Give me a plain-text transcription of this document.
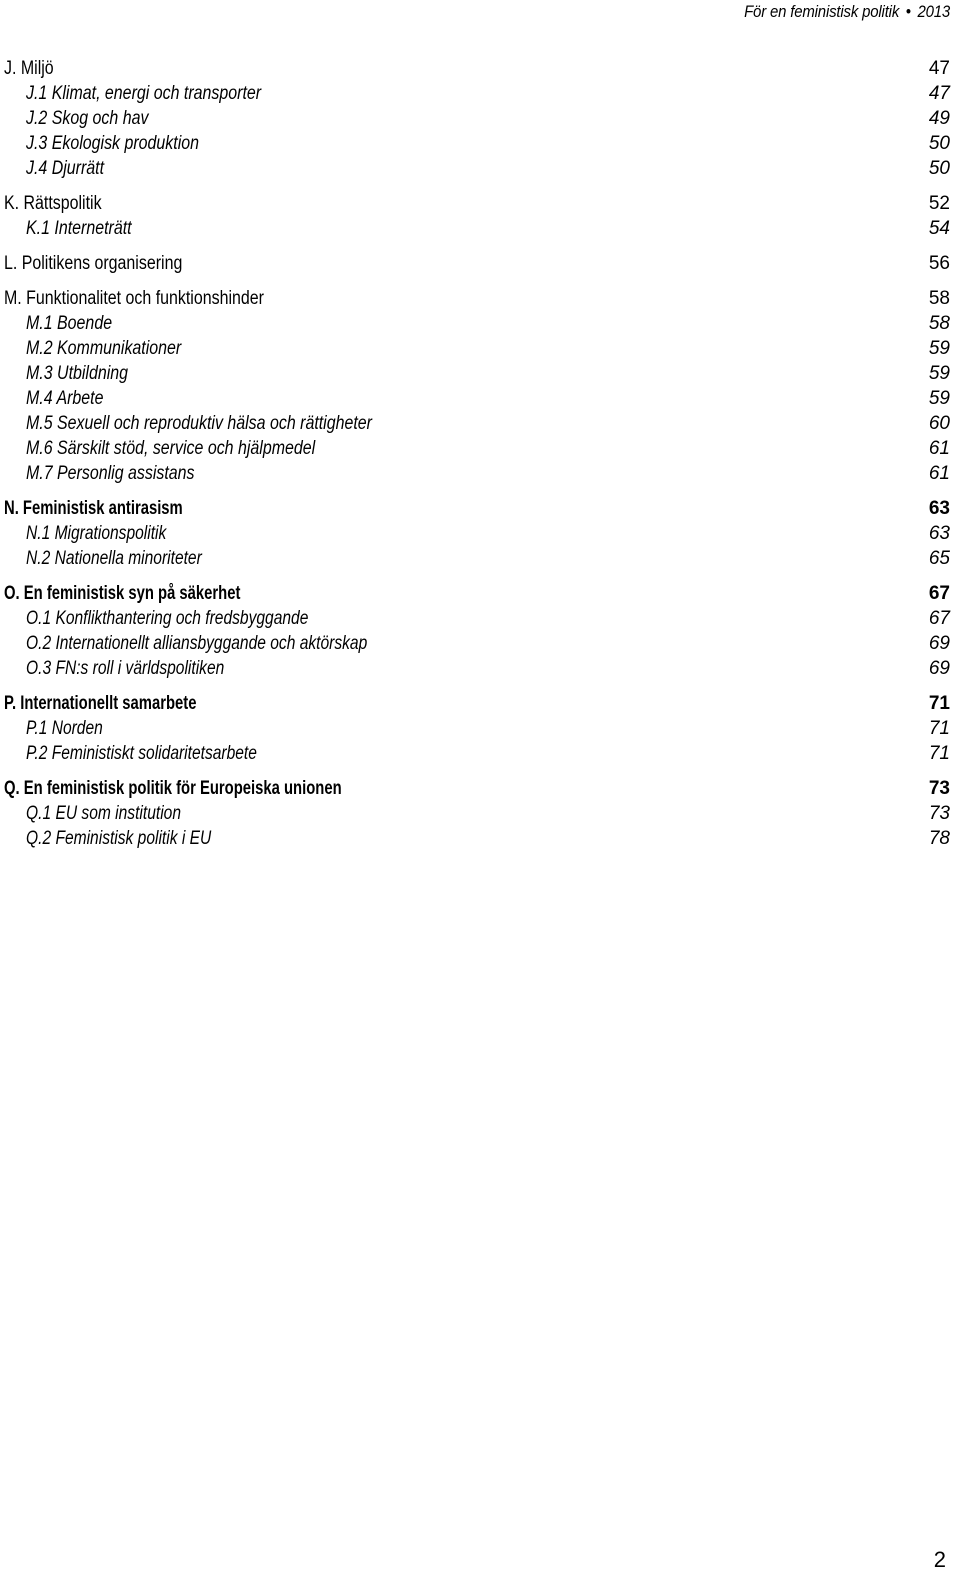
För en feministisk politik • 2013
J. Miljö	47
J.1 Klimat, energi och transporter	47
J.2 Skog och hav	49
J.3 Ekologisk produktion	50
J.4 Djurrätt	50
K. Rättspolitik	52
K.1 Interneträtt	54
L. Politikens organisering	56
M. Funktionalitet och funktionshinder	58
M.1 Boende	58
M.2 Kommunikationer	59
M.3 Utbildning	59
M.4 Arbete	59
M.5 Sexuell och reproduktiv hälsa och rättigheter	60
M.6 Särskilt stöd, service och hjälpmedel	61
M.7 Personlig assistans	61
N. Feministisk antirasism	63
N.1 Migrationspolitik	63
N.2 Nationella minoriteter	65
O. En feministisk syn på säkerhet	67
O.1 Konflikthantering och fredsbyggande	67
O.2 Internationellt alliansbyggande och aktörskap	69
O.3 FN:s roll i världspolitiken	69
P. Internationellt samarbete	71
P.1 Norden	71
P.2 Feministiskt solidaritetsarbete	71
Q. En feministisk politik för Europeiska unionen	73
Q.1 EU som institution	73
Q.2 Feministisk politik i EU	78
2
